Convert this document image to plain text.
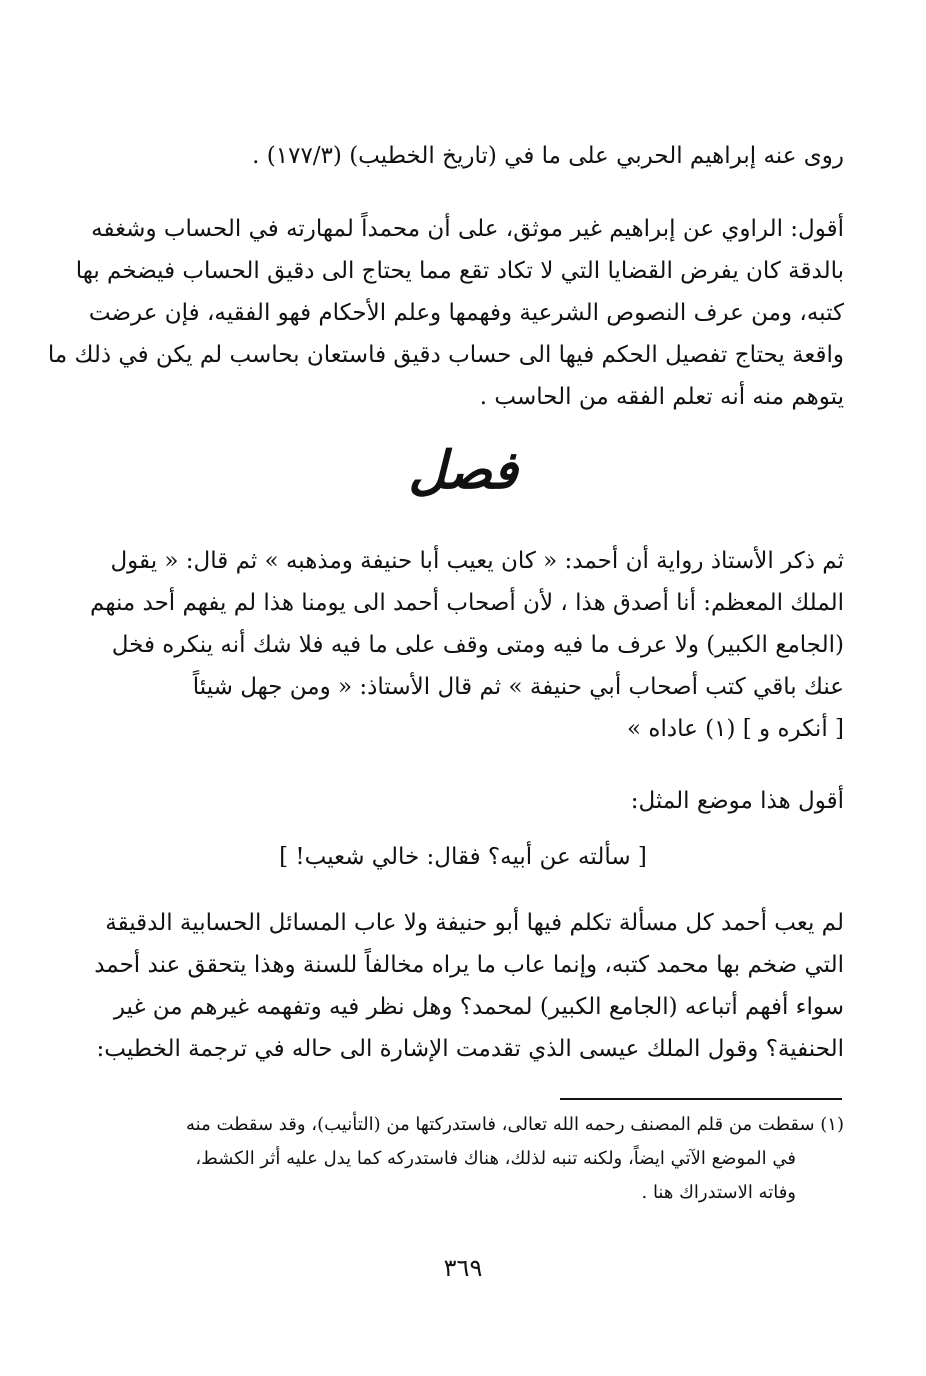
روى عنه إبراهيم الحربي على ما في (تاريخ الخطيب) (١٧٧/٣) .
أقول: الراوي عن إبراهيم غير موثق، على أن محمداً لمهارته في الحساب وشغفه
بالدقة كان يفرض القضايا التي لا تكاد تقع مما يحتاج الى دقيق الحساب فيضخم بها
كتبه، ومن عرف النصوص الشرعية وفهمها وعلم الأحكام فهو الفقيه، فإن عرضت
واقعة يحتاج تفصيل الحكم فيها الى حساب دقيق فاستعان بحاسب لم يكن في ذلك ما
يتوهم منه أنه تعلم الفقه من الحاسب .
فصل
ثم ذكر الأستاذ رواية أن أحمد: « كان يعيب أبا حنيفة ومذهبه » ثم قال: « يقول
الملك المعظم: أنا أصدق هذا ، لأن أصحاب أحمد الى يومنا هذا لم يفهم أحد منهم
(الجامع الكبير) ولا عرف ما فيه ومتى وقف على ما فيه فلا شك أنه ينكره فخل
عنك باقي كتب أصحاب أبي حنيفة » ثم قال الأستاذ: « ومن جهل شيئاً
[ أنكره و ] (١) عاداه »
أقول هذا موضع المثل:
[ سألته عن أبيه؟ فقال: خالي شعيب! ]
لم يعب أحمد كل مسألة تكلم فيها أبو حنيفة ولا عاب المسائل الحسابية الدقيقة
التي ضخم بها محمد كتبه، وإنما عاب ما يراه مخالفاً للسنة وهذا يتحقق عند أحمد
سواء أفهم أتباعه (الجامع الكبير) لمحمد؟ وهل نظر فيه وتفهمه غيرهم من غير
الحنفية؟ وقول الملك عيسى الذي تقدمت الإشارة الى حاله في ترجمة الخطيب:
(١) سقطت من قلم المصنف رحمه الله تعالى، فاستدركتها من (التأنيب)، وقد سقطت منه
في الموضع الآتي ايضاً، ولكنه تنبه لذلك، هناك فاستدركه كما يدل عليه أثر الكشط،
وفاته الاستدراك هنا .
٣٦٩
